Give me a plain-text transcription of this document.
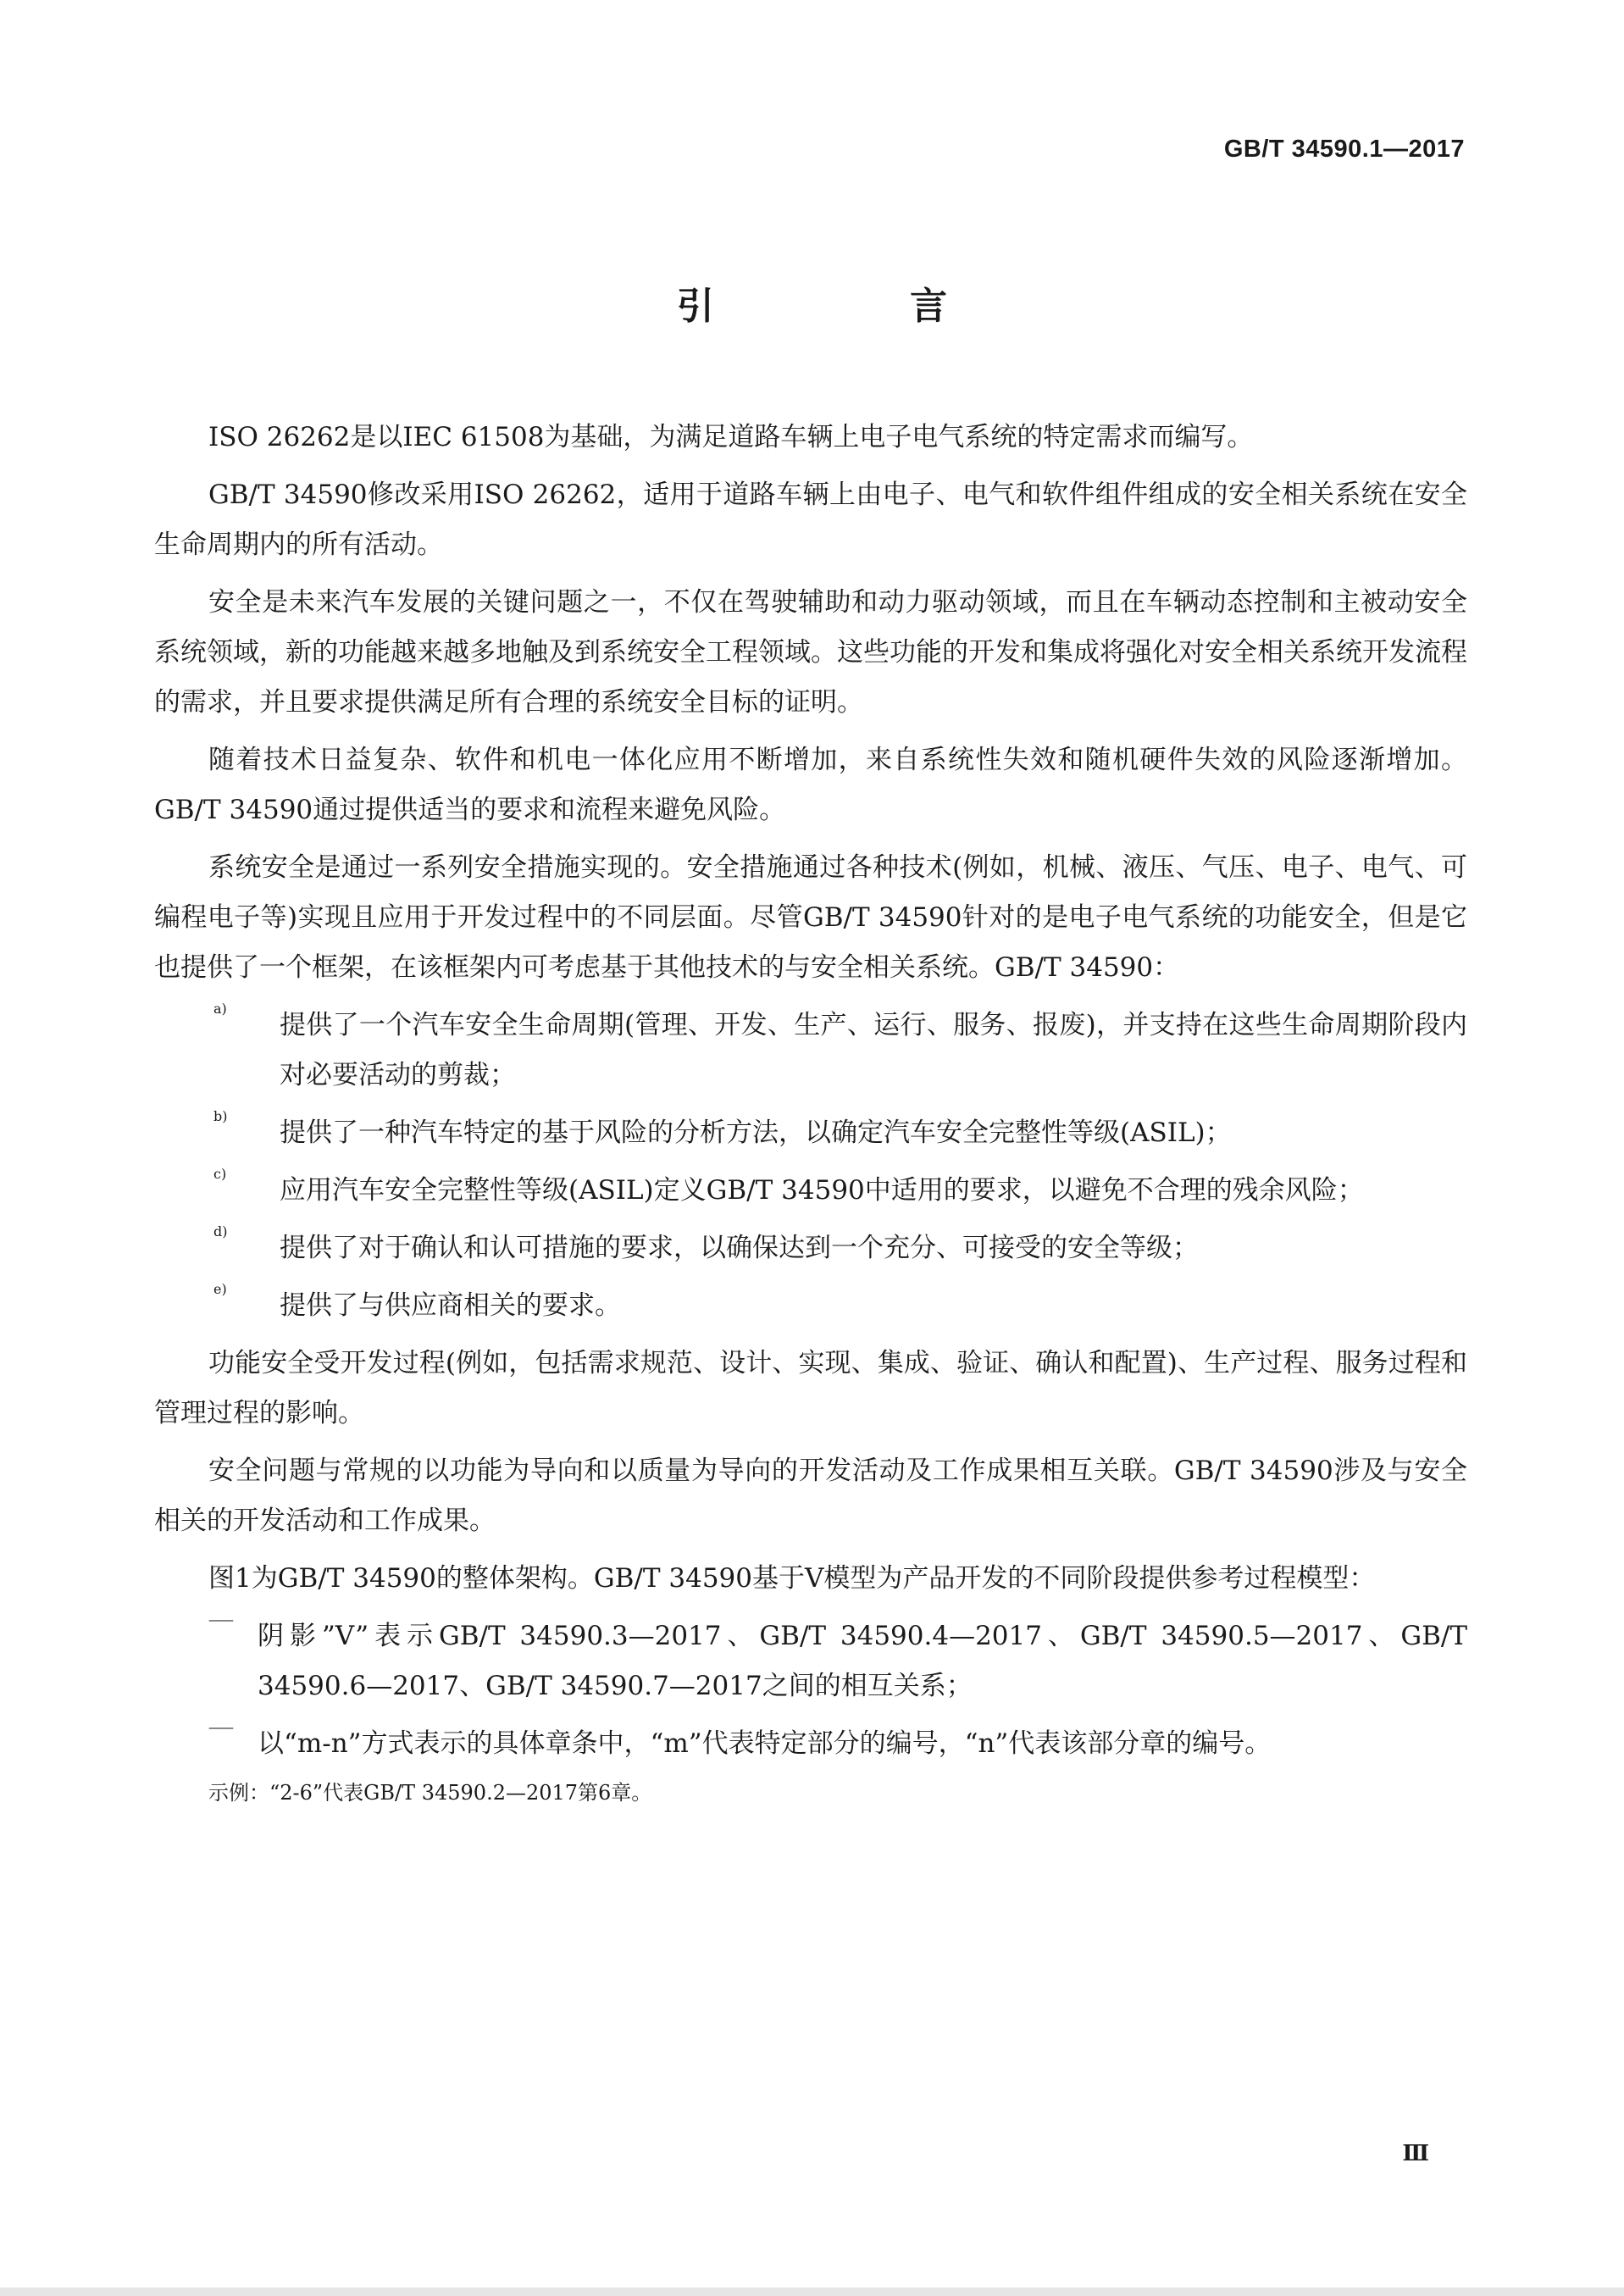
GB/T 34590.1—2017
引 言

ISO 26262是以IEC 61508为基础，为满足道路车辆上电子电气系统的特定需求而编写。

GB/T 34590修改采用ISO 26262，适用于道路车辆上由电子、电气和软件组件组成的安全相关系统在安全生命周期内的所有活动。

安全是未来汽车发展的关键问题之一，不仅在驾驶辅助和动力驱动领域，而且在车辆动态控制和主被动安全系统领域，新的功能越来越多地触及到系统安全工程领域。这些功能的开发和集成将强化对安全相关系统开发流程的需求，并且要求提供满足所有合理的系统安全目标的证明。

随着技术日益复杂、软件和机电一体化应用不断增加，来自系统性失效和随机硬件失效的风险逐渐增加。GB/T 34590通过提供适当的要求和流程来避免风险。

系统安全是通过一系列安全措施实现的。安全措施通过各种技术(例如，机械、液压、气压、电子、电气、可编程电子等)实现且应用于开发过程中的不同层面。尽管GB/T 34590针对的是电子电气系统的功能安全，但是它也提供了一个框架，在该框架内可考虑基于其他技术的与安全相关系统。GB/T 34590：

a)

提供了一个汽车安全生命周期(管理、开发、生产、运行、服务、报废)，并支持在这些生命周期阶段内对必要活动的剪裁；

b)

提供了一种汽车特定的基于风险的分析方法，以确定汽车安全完整性等级(ASIL)；

c)

应用汽车安全完整性等级(ASIL)定义GB/T 34590中适用的要求，以避免不合理的残余风险；

d)

提供了对于确认和认可措施的要求，以确保达到一个充分、可接受的安全等级；

e)

提供了与供应商相关的要求。

功能安全受开发过程(例如，包括需求规范、设计、实现、集成、验证、确认和配置)、生产过程、服务过程和管理过程的影响。

安全问题与常规的以功能为导向和以质量为导向的开发活动及工作成果相互关联。GB/T 34590涉及与安全相关的开发活动和工作成果。

图1为GB/T 34590的整体架构。GB/T 34590基于V模型为产品开发的不同阶段提供参考过程模型：

——

阴影”V”表示GB/T 34590.3—2017、GB/T 34590.4—2017、GB/T 34590.5—2017、GB/T 34590.6—2017、GB/T 34590.7—2017之间的相互关系；

——

以“m-n”方式表示的具体章条中，“m”代表特定部分的编号，“n”代表该部分章的编号。

示例：“2-6”代表GB/T 34590.2—2017第6章。

Ⅲ
